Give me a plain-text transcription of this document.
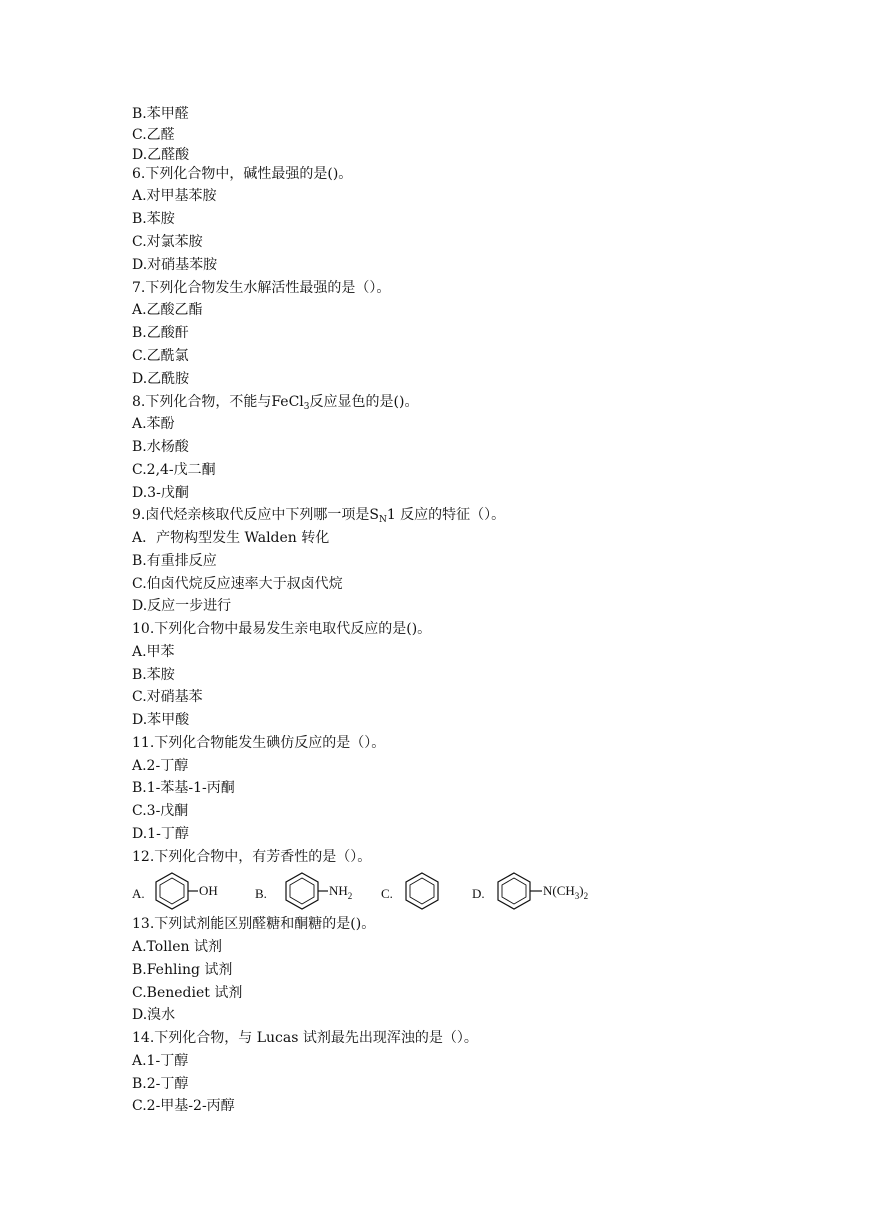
B.苯甲醛
C.乙醛
D.乙醛酸
6.下列化合物中，碱性最强的是()。
A.对甲基苯胺
B.苯胺
C.对氯苯胺
D.对硝基苯胺
7.下列化合物发生水解活性最强的是（）。
A.乙酸乙酯
B.乙酸酐
C.乙酰氯
D.乙酰胺
8.下列化合物，不能与FeCl$_3$反应显色的是()。
A.苯酚
B.水杨酸
C.2,4-戊二酮
D.3-戊酮
9.卤代烃亲核取代反应中下列哪一项是$S_N1$ 反应的特征（）。
A．产物构型发生 Walden 转化
B.有重排反应
C.伯卤代烷反应速率大于叔卤代烷
D.反应一步进行
10.下列化合物中最易发生亲电取代反应的是()。
A.甲苯
B.苯胺
C.对硝基苯
D.苯甲酸
11.下列化合物能发生碘仿反应的是（）。
A.2-丁醇
B.1-苯基-1-丙酮
C.3-戊酮
D.1-丁醇
12.下列化合物中，有芳香性的是（）。
A.	OH	B.	$NH_2$ C.	D.	$N(CH_3)_2$
13.下列试剂能区别醛糖和酮糖的是()。
A.Tollen 试剂
B.Fehling 试剂
C.Benediet 试剂
D.溴水
14.下列化合物，与 Lucas 试剂最先出现浑浊的是（）。
A.1-丁醇
B.2-丁醇
C.2-甲基-2-丙醇
